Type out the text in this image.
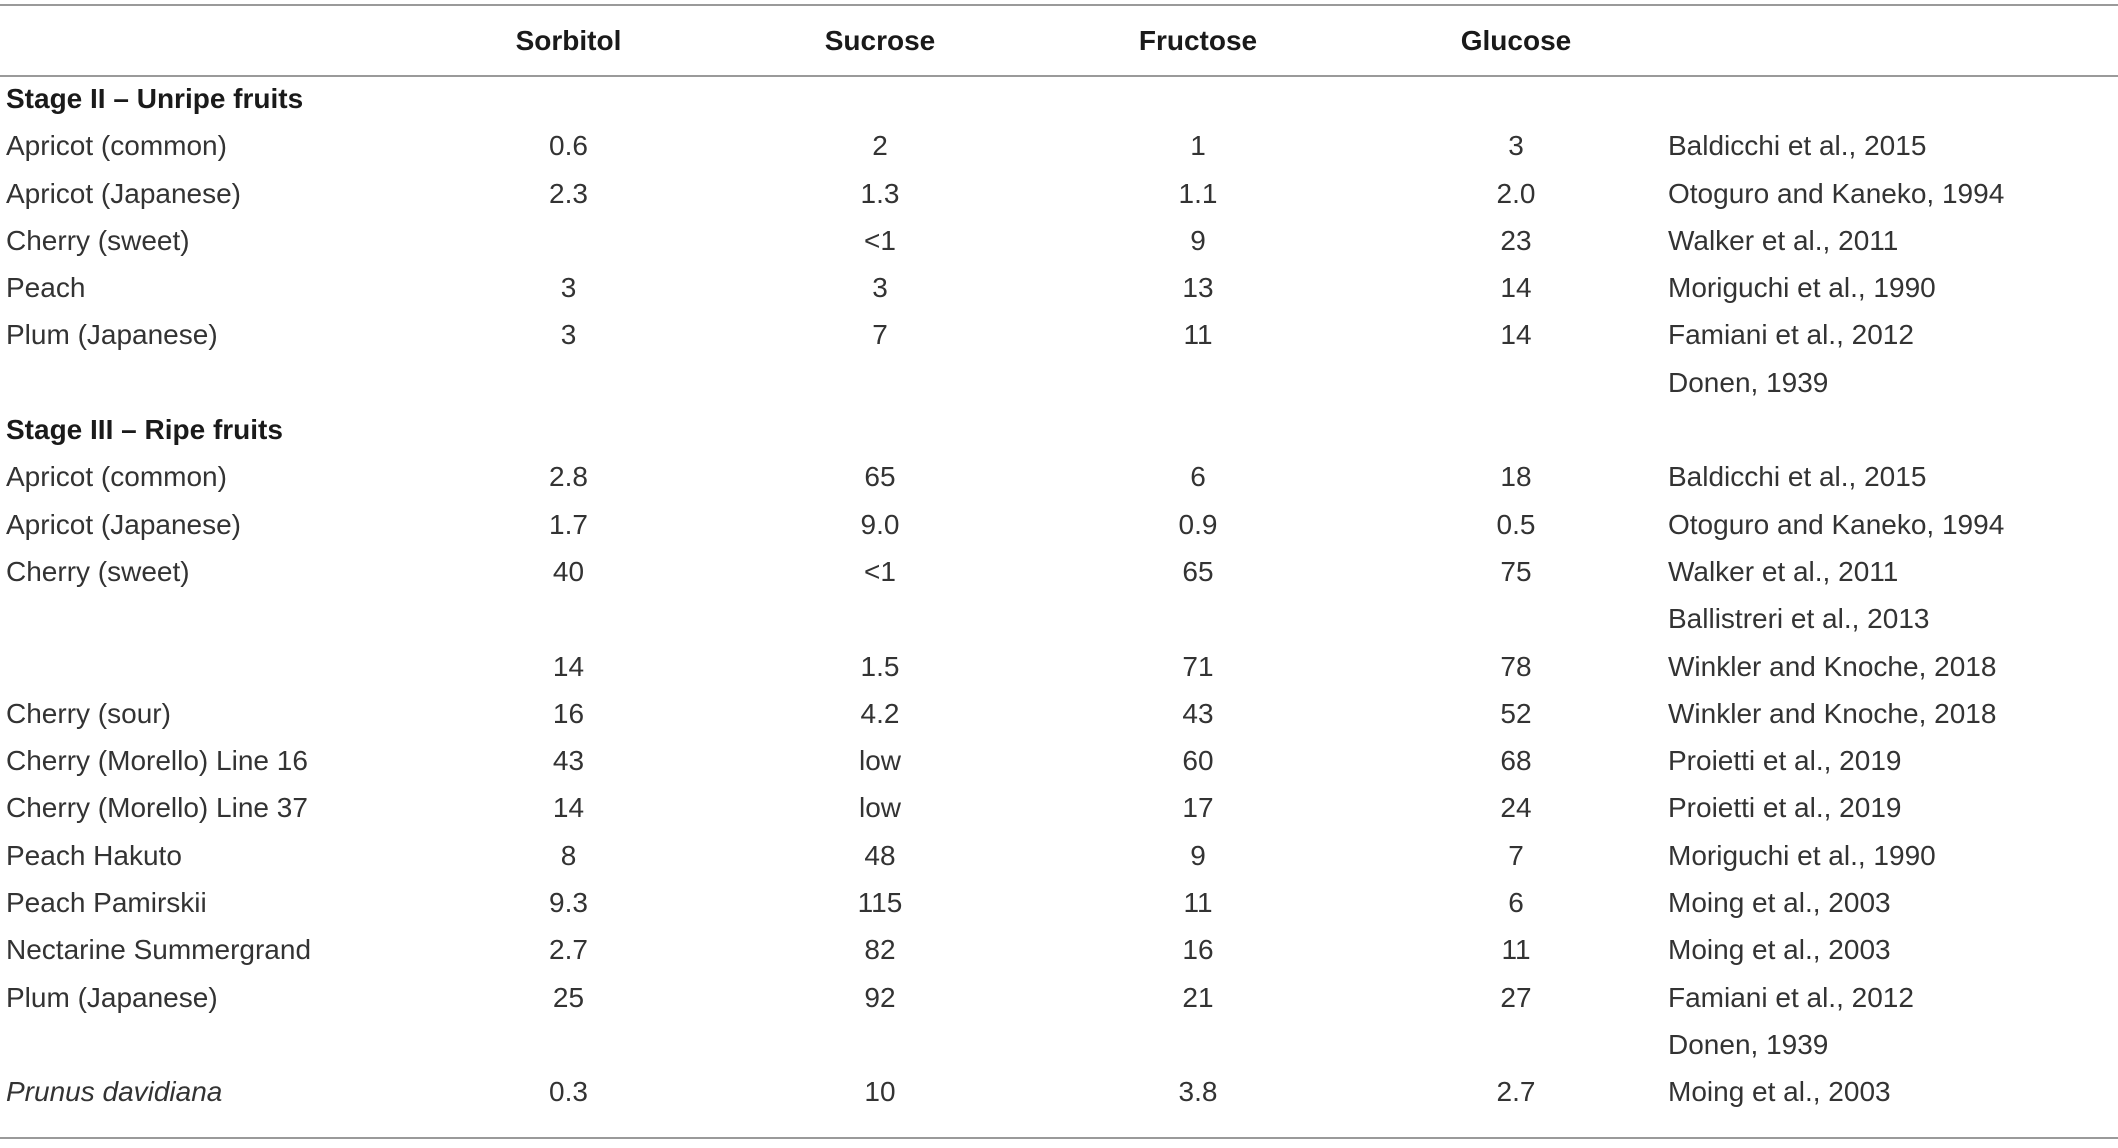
	Sorbitol	Sucrose	Fructose	Glucose	
Stage II – Unripe fruits					
Apricot (common)	0.6	2	1	3	Baldicchi et al., 2015
Apricot (Japanese)	2.3	1.3	1.1	2.0	Otoguro and Kaneko, 1994
Cherry (sweet)		<1	9	23	Walker et al., 2011
Peach	3	3	13	14	Moriguchi et al., 1990
Plum (Japanese)	3	7	11	14	Famiani et al., 2012
					Donen, 1939
Stage III – Ripe fruits					
Apricot (common)	2.8	65	6	18	Baldicchi et al., 2015
Apricot (Japanese)	1.7	9.0	0.9	0.5	Otoguro and Kaneko, 1994
Cherry (sweet)	40	<1	65	75	Walker et al., 2011
					Ballistreri et al., 2013
	14	1.5	71	78	Winkler and Knoche, 2018
Cherry (sour)	16	4.2	43	52	Winkler and Knoche, 2018
Cherry (Morello) Line 16	43	low	60	68	Proietti et al., 2019
Cherry (Morello) Line 37	14	low	17	24	Proietti et al., 2019
Peach Hakuto	8	48	9	7	Moriguchi et al., 1990
Peach Pamirskii	9.3	115	11	6	Moing et al., 2003
Nectarine Summergrand	2.7	82	16	11	Moing et al., 2003
Plum (Japanese)	25	92	21	27	Famiani et al., 2012
					Donen, 1939
Prunus davidiana	0.3	10	3.8	2.7	Moing et al., 2003
